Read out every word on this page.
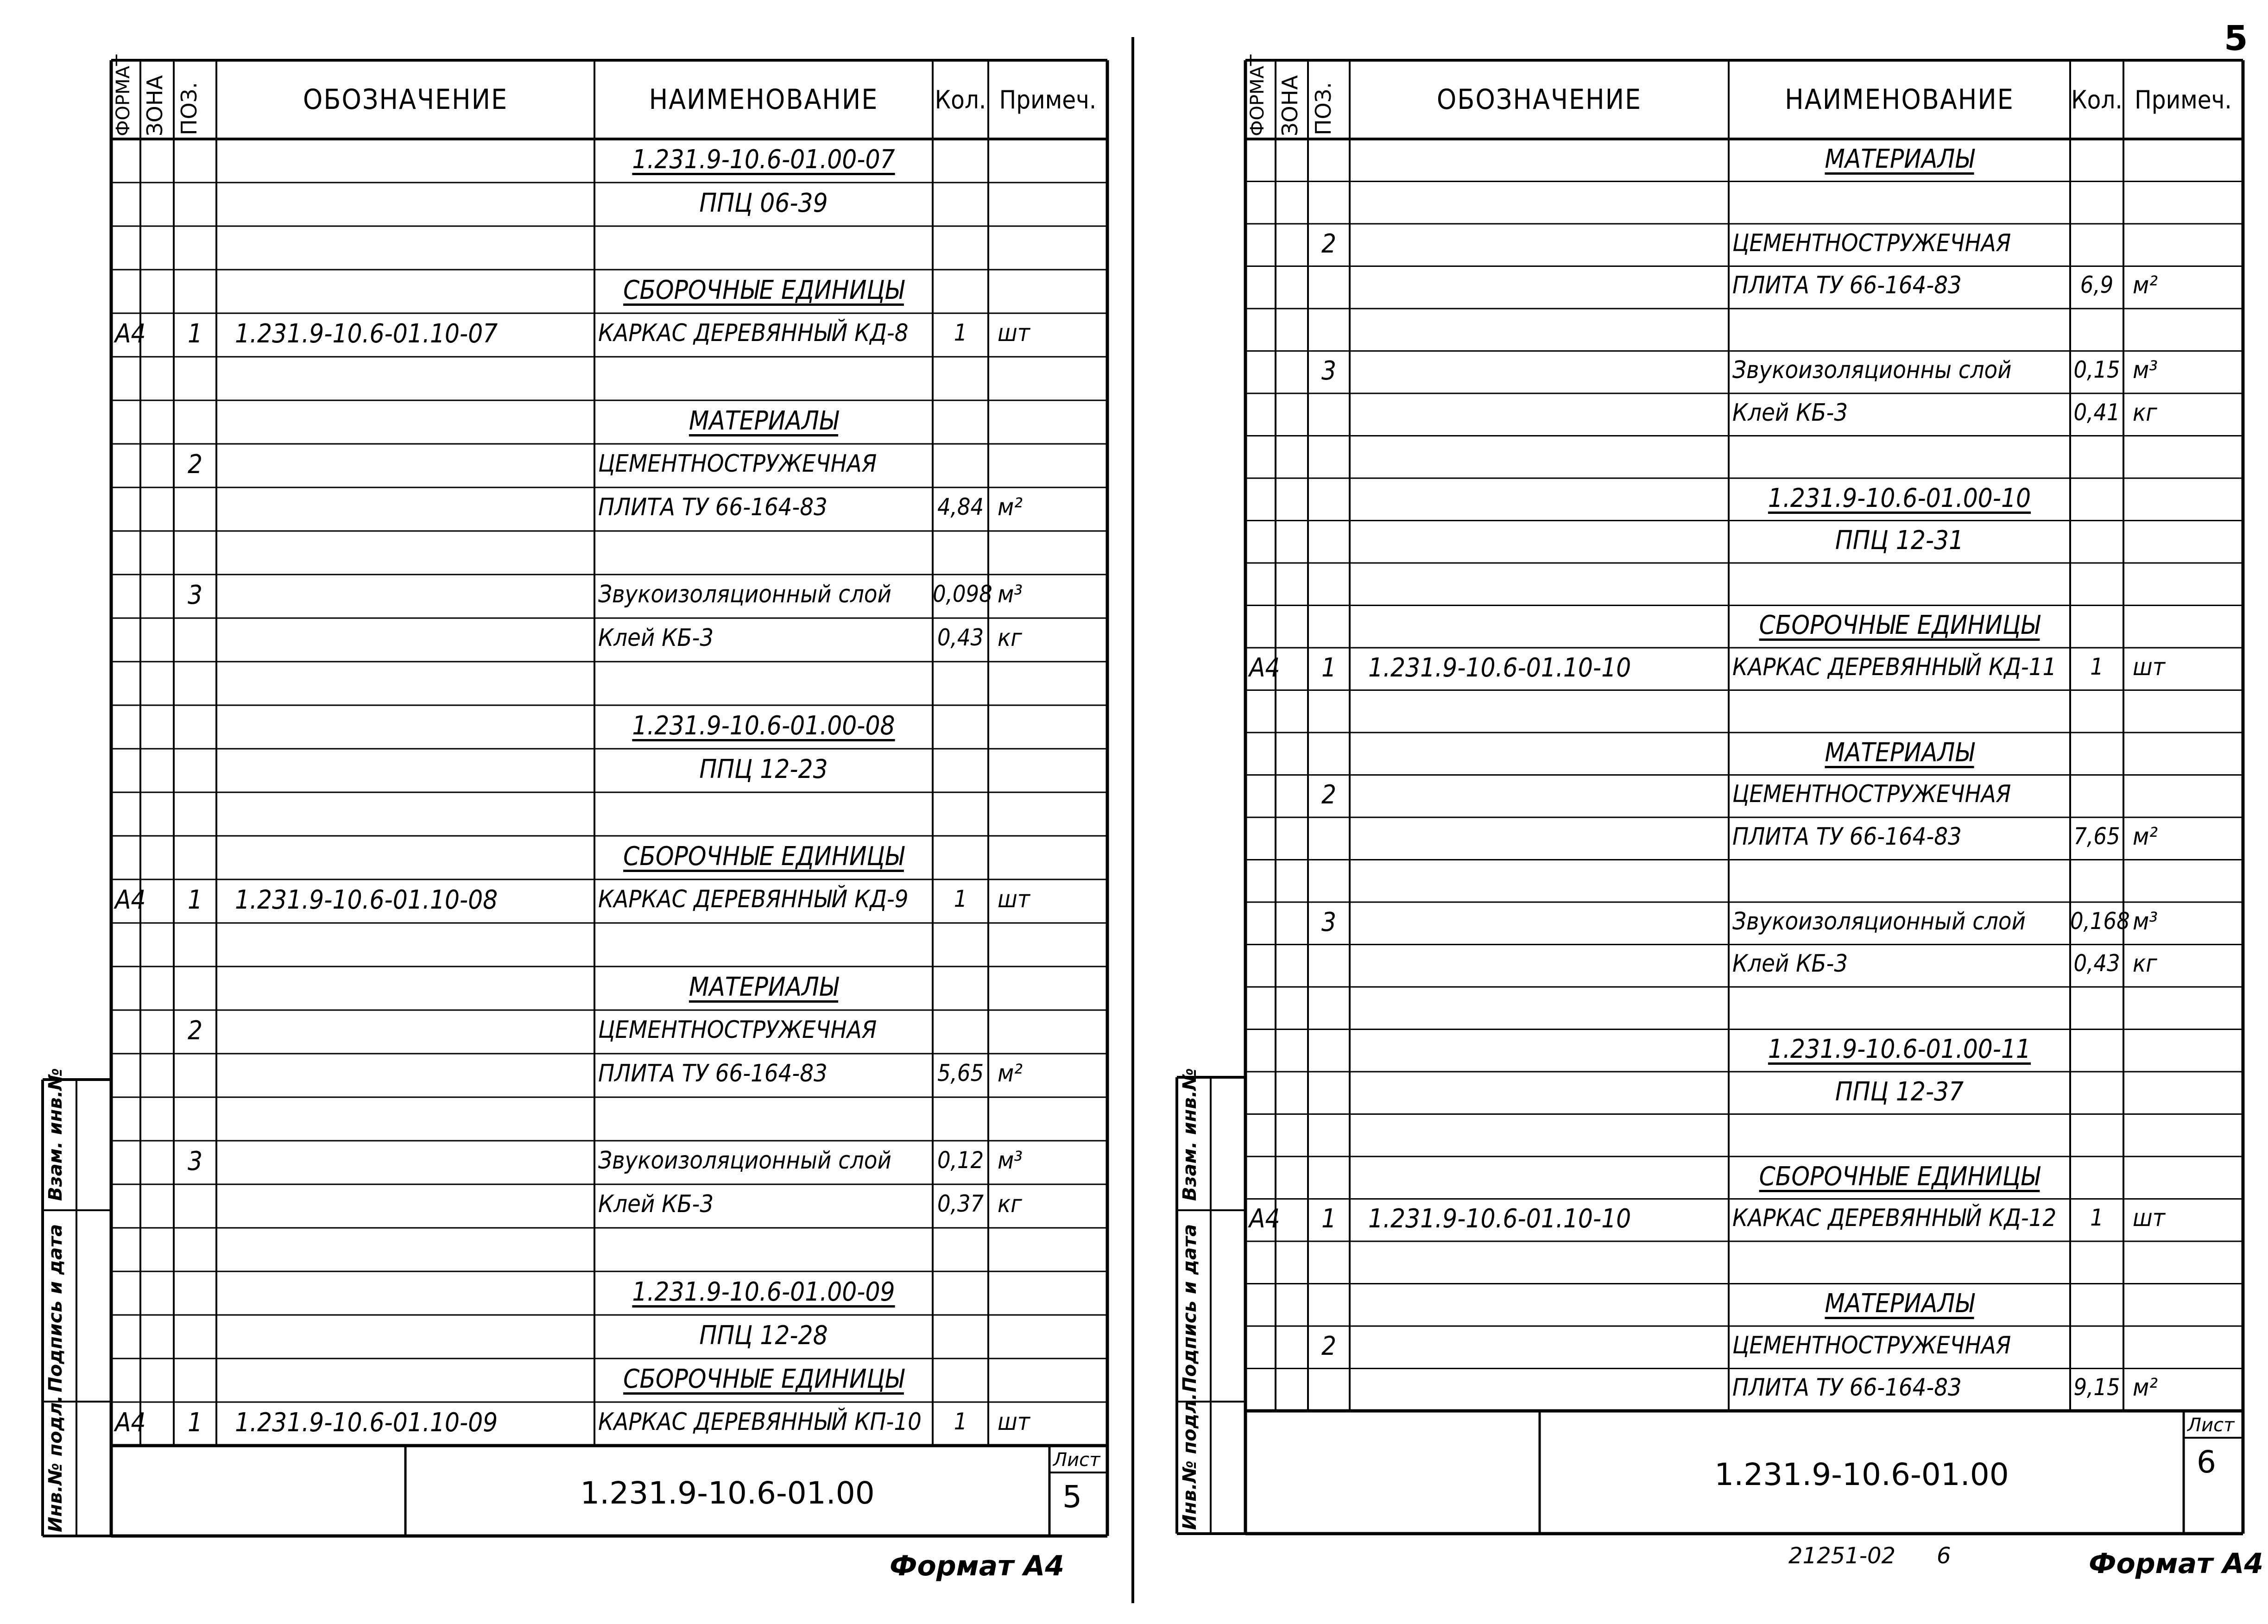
ФОРМАТ ЗОНА ПОЗ.	ОБОЗНАЧЕНИЕ	НАИМЕНОВАНИЕ	Кол. Примеч.
1.231.9-10.6-01.00-07
ППЦ 06-39
СБОРОЧНЫЕ ЕДИНИЦЫ
А4	1	1.231.9-10.6-01.10-07	КАРКАС ДЕРЕВЯННЫЙ КД-8	1	шт
МАТЕРИАЛЫ
2	ЦЕМЕНТНОСТРУЖЕЧНАЯ
ПЛИТА ТУ 66-164-83	4,84 м²
3	Звукоизоляционный слой 0,098 м³
Клей КБ-3	0,43 кг
1.231.9-10.6-01.00-08
ППЦ 12-23
СБОРОЧНЫЕ ЕДИНИЦЫ
А4	1	1.231.9-10.6-01.10-08	КАРКАС ДЕРЕВЯННЫЙ КД-9	1	шт
МАТЕРИАЛЫ
2	ЦЕМЕНТНОСТРУЖЕЧНАЯ
ПЛИТА ТУ 66-164-83	5,65 м²
3	Звукоизоляционный слой 0,12 м³
Клей КБ-3	0,37 кг
1.231.9-10.6-01.00-09
ППЦ 12-28
СБОРОЧНЫЕ ЕДИНИЦЫ
А4	1	1.231.9-10.6-01.10-09	КАРКАС ДЕРЕВЯННЫЙ КП-10	1	шт
1.231.9-10.6-01.00
Лист
5
Формат А4
Инв.№ подл.
Подпись и дата
Взам. инв.№
ФОРМАТ ЗОНА ПОЗ.	ОБОЗНАЧЕНИЕ	НАИМЕНОВАНИЕ	Кол. Примеч.
МАТЕРИАЛЫ
2	ЦЕМЕНТНОСТРУЖЕЧНАЯ
ПЛИТА ТУ 66-164-83	6,9 м²
3	Звукоизоляционны слой	0,15 м³
Клей КБ-3	0,41 кг
1.231.9-10.6-01.00-10
ППЦ 12-31
СБОРОЧНЫЕ ЕДИНИЦЫ
А4	1	1.231.9-10.6-01.10-10	КАРКАС ДЕРЕВЯННЫЙ КД-11	1	шт
МАТЕРИАЛЫ
2	ЦЕМЕНТНОСТРУЖЕЧНАЯ
ПЛИТА ТУ 66-164-83	7,65 м²
3	Звукоизоляционный слой 0,168 м³
Клей КБ-3	0,43 кг
1.231.9-10.6-01.00-11
ППЦ 12-37
СБОРОЧНЫЕ ЕДИНИЦЫ
А4	1	1.231.9-10.6-01.10-10	КАРКАС ДЕРЕВЯННЫЙ КД-12	1	шт
МАТЕРИАЛЫ
2	ЦЕМЕНТНОСТРУЖЕЧНАЯ
ПЛИТА ТУ 66-164-83	9,15 м²
1.231.9-10.6-01.00
Лист
6
Формат А4
Инв.№ подл.
Подпись и дата
Взам. инв.№
5
21251-02 6
